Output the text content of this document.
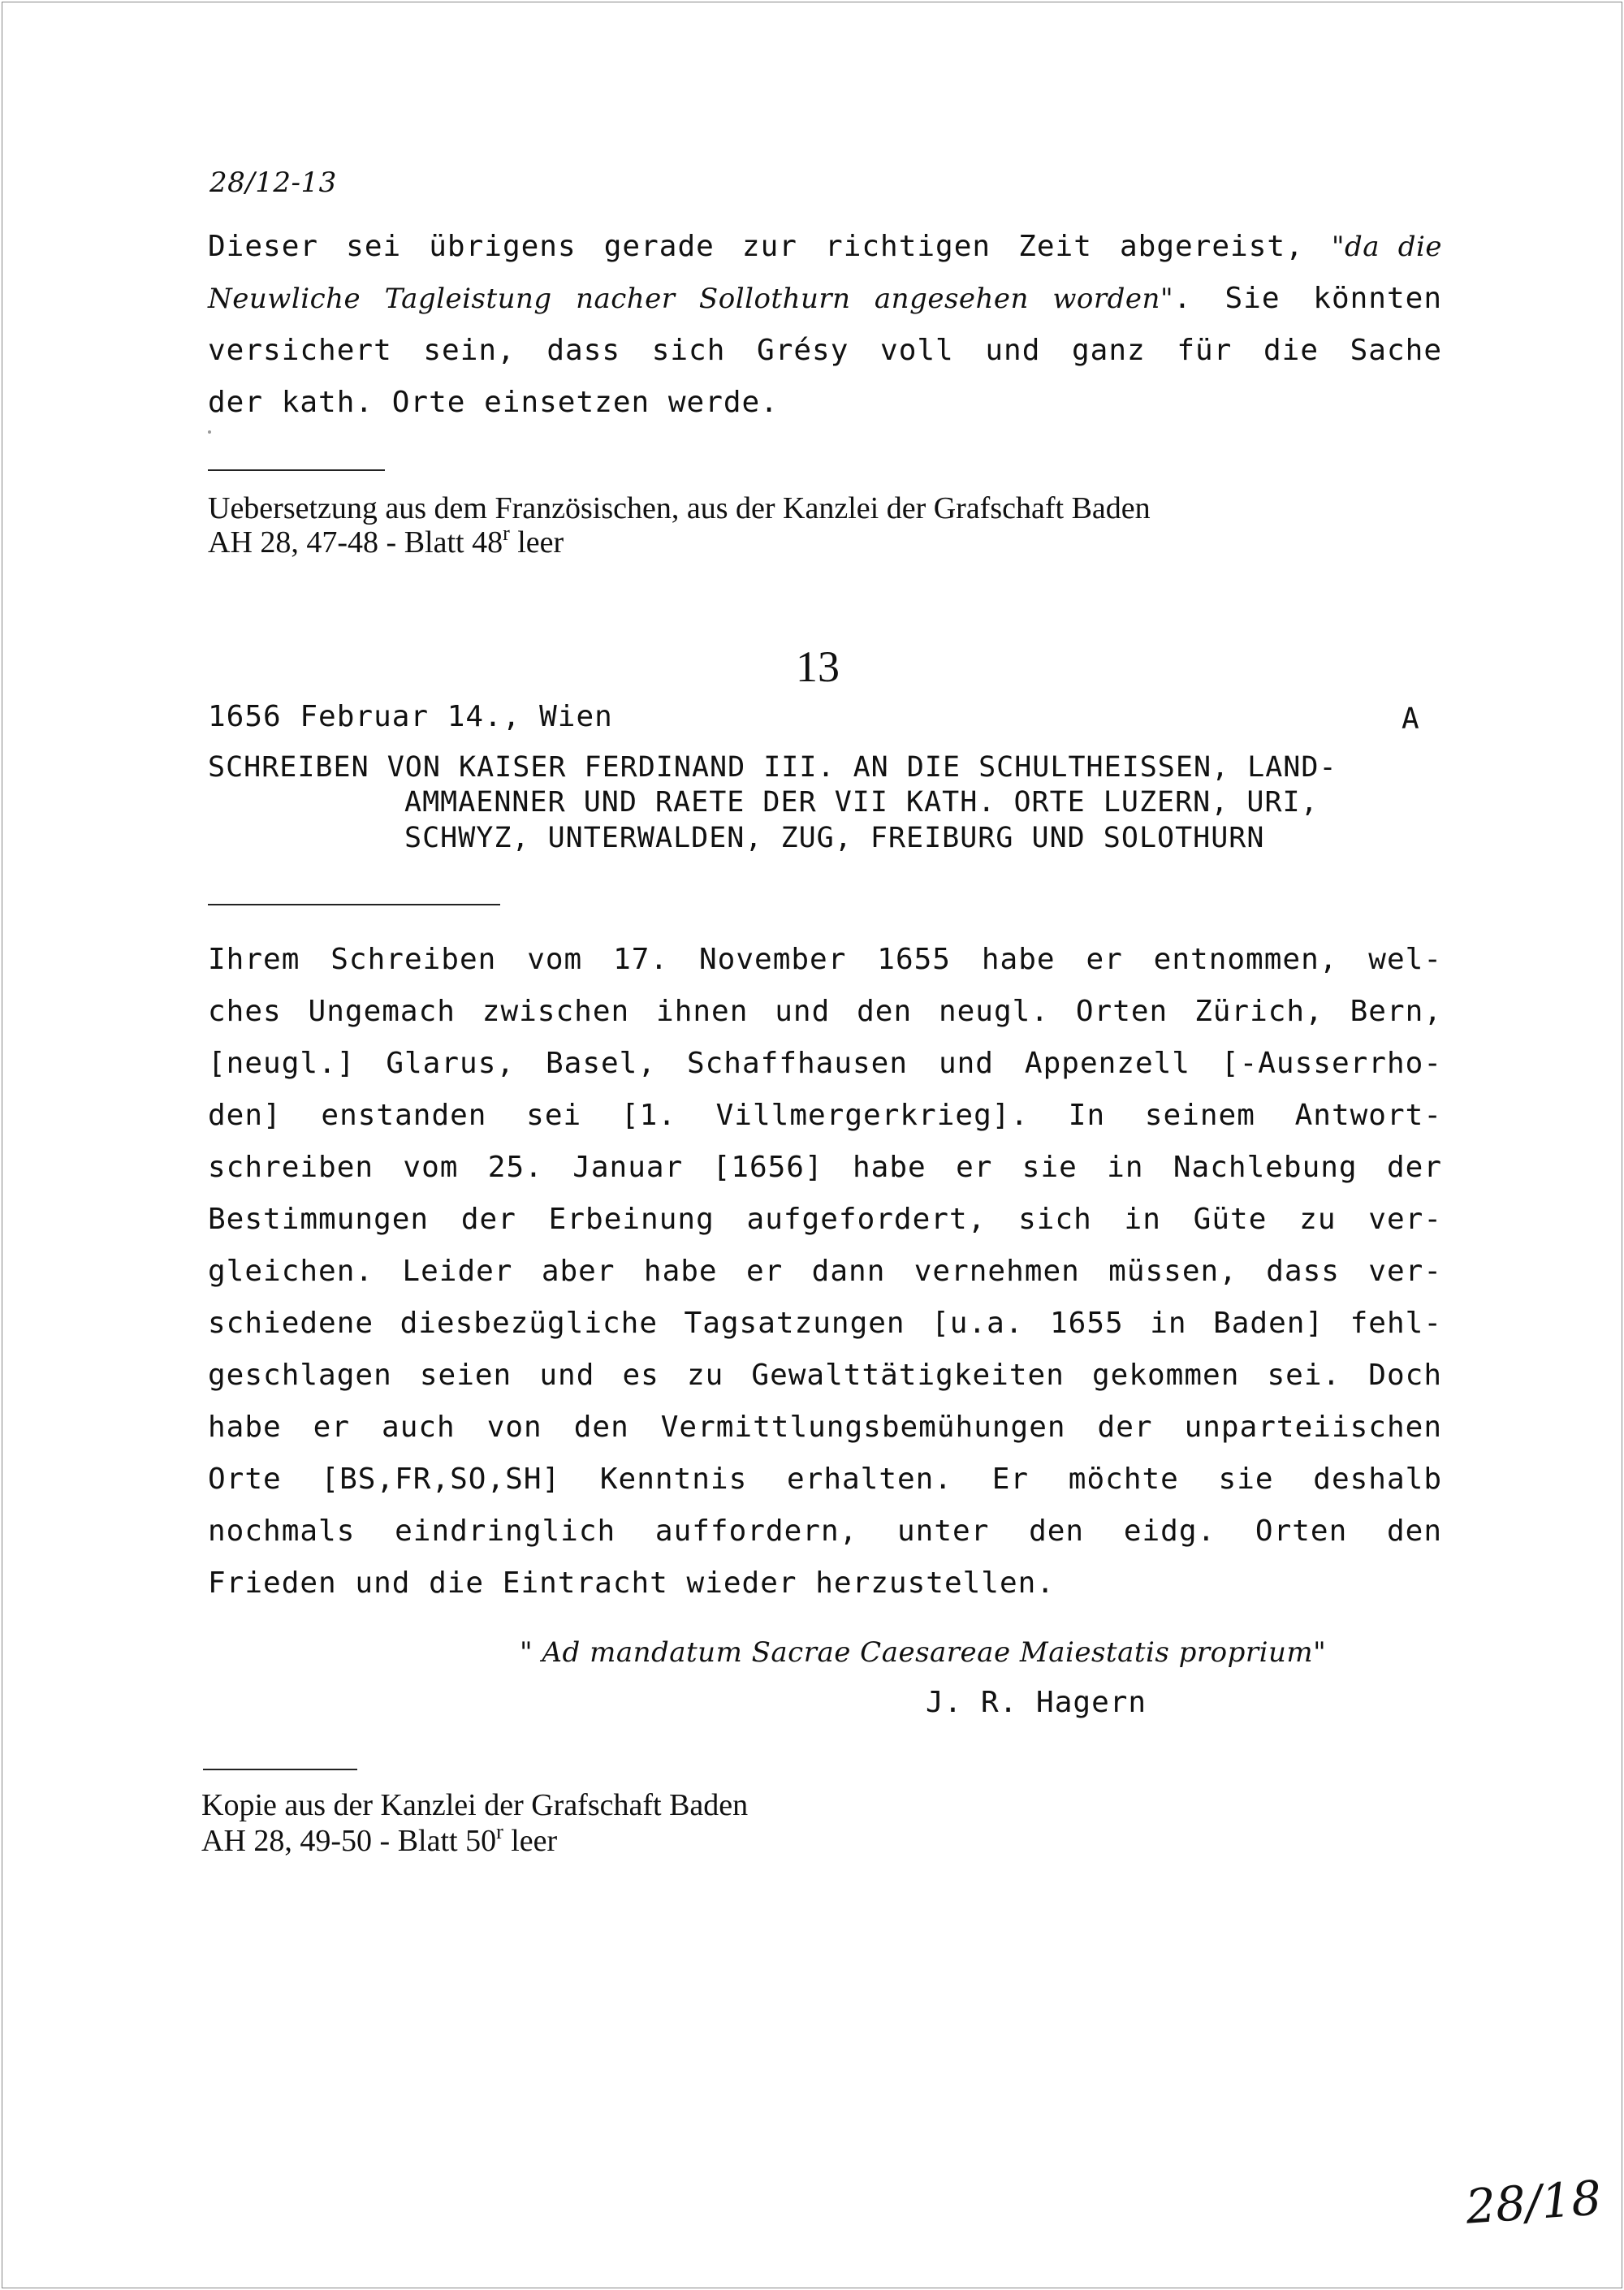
28/12-13
Dieser sei übrigens gerade zur richtigen Zeit abgereist, "da die
Neuwliche Tagleistung nacher Sollothurn angesehen worden". Sie könnten
versichert sein, dass sich Grésy voll und ganz für die Sache
der kath. Orte einsetzen werde.
Uebersetzung aus dem Französischen, aus der Kanzlei der Grafschaft Baden
AH 28, 47-48 - Blatt 48$^r$ leer
13
1656 Februar 14., Wien	A
SCHREIBEN VON KAISER FERDINAND III. AN DIE SCHULTHEISSEN, LAND-
AMMAENNER UND RAETE DER VII KATH. ORTE LUZERN, URI,
SCHWYZ, UNTERWALDEN, ZUG, FREIBURG UND SOLOTHURN
Ihrem Schreiben vom 17. November 1655 habe er entnommen, wel-
ches Ungemach zwischen ihnen und den neugl. Orten Zürich, Bern,
[neugl.] Glarus, Basel, Schaffhausen und Appenzell [-Ausserrho-
den] enstanden sei [1. Villmergerkrieg]. In seinem Antwort-
schreiben vom 25. Januar [1656] habe er sie in Nachlebung der
Bestimmungen der Erbeinung aufgefordert, sich in Güte zu ver-
gleichen. Leider aber habe er dann vernehmen müssen, dass ver-
schiedene diesbezügliche Tagsatzungen [u.a. 1655 in Baden] fehl-
geschlagen seien und es zu Gewalttätigkeiten gekommen sei. Doch
habe er auch von den Vermittlungsbemühungen der unparteiischen
Orte [BS,FR,SO,SH] Kenntnis erhalten. Er möchte sie deshalb
nochmals eindringlich auffordern, unter den eidg. Orten den
Frieden und die Eintracht wieder herzustellen.
" Ad mandatum Sacrae Caesareae Maiestatis proprium"
J. R. Hagern
Kopie aus der Kanzlei der Grafschaft Baden
AH 28, 49-50 - Blatt 50$^r$ leer
28/18
